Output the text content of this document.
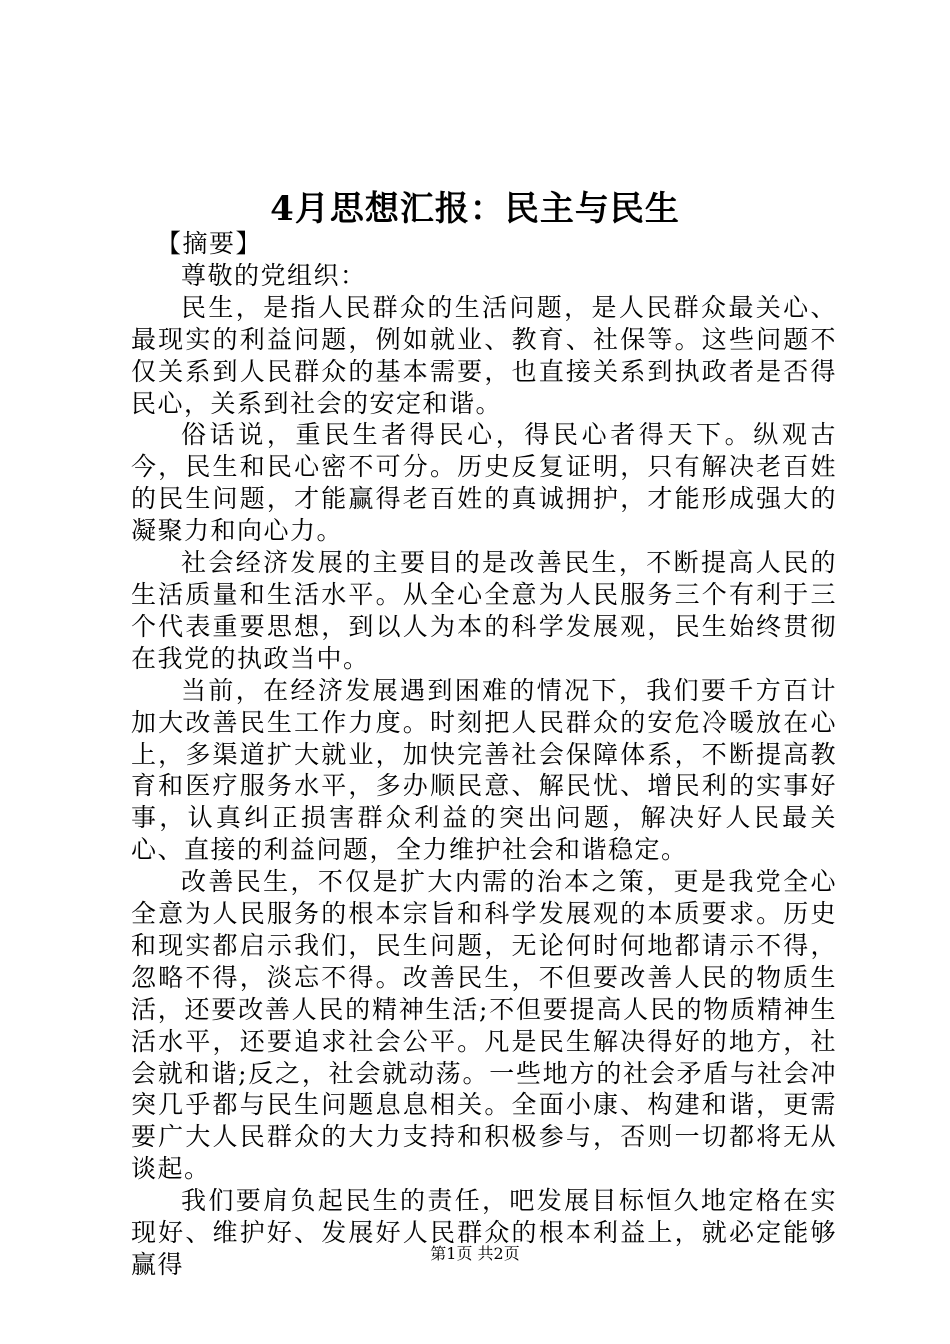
4月思想汇报：民主与民生

【摘要】

尊敬的党组织：

民生，是指人民群众的生活问题，是人民群众最关心、最现实的利益问题，例如就业、教育、社保等。这些问题不仅关系到人民群众的基本需要，也直接关系到执政者是否得民心，关系到社会的安定和谐。

俗话说，重民生者得民心，得民心者得天下。纵观古今，民生和民心密不可分。历史反复证明，只有解决老百姓的民生问题，才能赢得老百姓的真诚拥护，才能形成强大的凝聚力和向心力。

社会经济发展的主要目的是改善民生，不断提高人民的生活质量和生活水平。从全心全意为人民服务三个有利于三个代表重要思想，到以人为本的科学发展观，民生始终贯彻在我党的执政当中。

当前，在经济发展遇到困难的情况下，我们要千方百计加大改善民生工作力度。时刻把人民群众的安危冷暖放在心上，多渠道扩大就业，加快完善社会保障体系，不断提高教育和医疗服务水平，多办顺民意、解民忧、增民利的实事好事，认真纠正损害群众利益的突出问题，解决好人民最关心、直接的利益问题，全力维护社会和谐稳定。

改善民生，不仅是扩大内需的治本之策，更是我党全心全意为人民服务的根本宗旨和科学发展观的本质要求。历史和现实都启示我们，民生问题，无论何时何地都请示不得，忽略不得，淡忘不得。改善民生，不但要改善人民的物质生活，还要改善人民的精神生活;不但要提高人民的物质精神生活水平，还要追求社会公平。凡是民生解决得好的地方，社会就和谐;反之，社会就动荡。一些地方的社会矛盾与社会冲突几乎都与民生问题息息相关。全面小康、构建和谐，更需要广大人民群众的大力支持和积极参与，否则一切都将无从谈起。

我们要肩负起民生的责任，吧发展目标恒久地定格在实现好、维护好、发展好人民群众的根本利益上，就必定能够赢得	第1页 共2页
